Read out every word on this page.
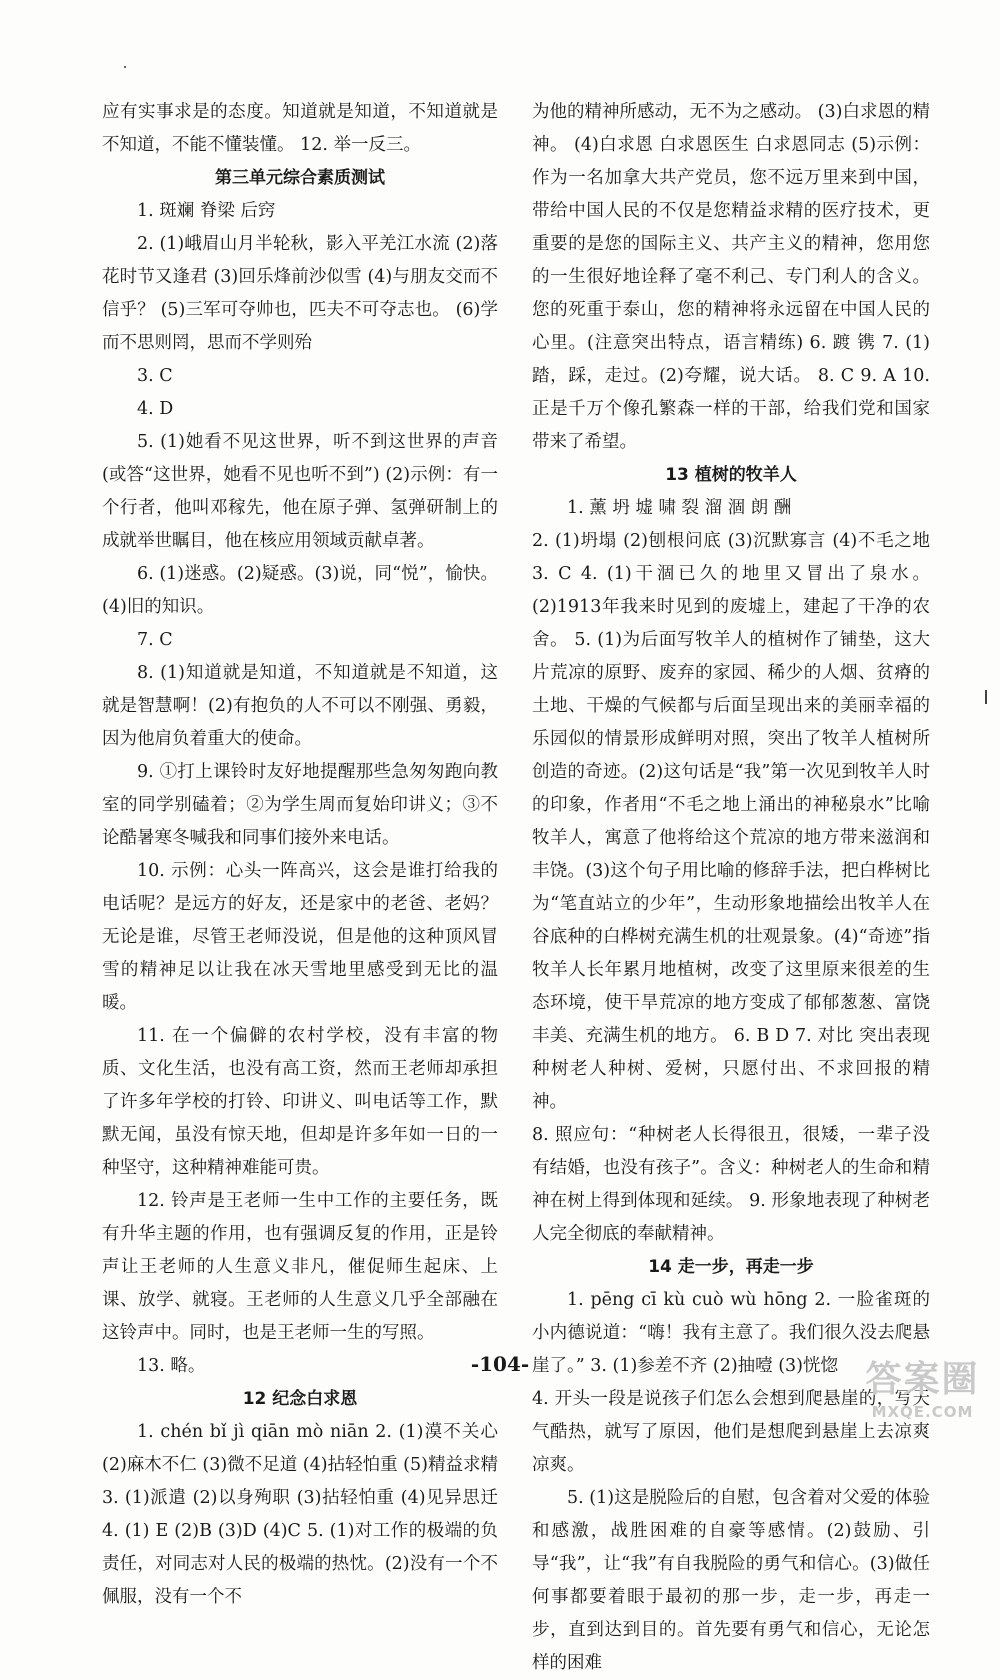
应有实事求是的态度。知道就是知道，不知道就是不知道，不能不懂装懂。 12. 举一反三。

第三单元综合素质测试

1. 斑斓 脊梁 后窍

2. (1)峨眉山月半轮秋，影入平羌江水流 (2)落花时节又逢君 (3)回乐烽前沙似雪 (4)与朋友交而不信乎？ (5)三军可夺帅也，匹夫不可夺志也。 (6)学而不思则罔，思而不学则殆

3. C

4. D

5. (1)她看不见这世界，听不到这世界的声音(或答“这世界，她看不见也听不到”) (2)示例：有一个行者，他叫邓稼先，他在原子弹、氢弹研制上的成就举世瞩目，他在核应用领域贡献卓著。

6. (1)迷惑。(2)疑惑。(3)说，同“悦”，愉快。(4)旧的知识。

7. C

8. (1)知道就是知道，不知道就是不知道，这就是智慧啊！(2)有抱负的人不可以不刚强、勇毅，因为他肩负着重大的使命。

9. ①打上课铃时友好地提醒那些急匆匆跑向教室的同学别磕着；②为学生周而复始印讲义；③不论酷暑寒冬喊我和同事们接外来电话。

10. 示例：心头一阵高兴，这会是谁打给我的电话呢？是远方的好友，还是家中的老爸、老妈？无论是谁，尽管王老师没说，但是他的这种顶风冒雪的精神足以让我在冰天雪地里感受到无比的温暖。

11. 在一个偏僻的农村学校，没有丰富的物质、文化生活，也没有高工资，然而王老师却承担了许多年学校的打铃、印讲义、叫电话等工作，默默无闻，虽没有惊天地，但却是许多年如一日的一种坚守，这种精神难能可贵。

12. 铃声是王老师一生中工作的主要任务，既有升华主题的作用，也有强调反复的作用，正是铃声让王老师的人生意义非凡，催促师生起床、上课、放学、就寝。王老师的人生意义几乎全部融在这铃声中。同时，也是王老师一生的写照。

13. 略。

12 纪念白求恩

1. chén bǐ jì qiān mò niān 2. (1)漠不关心 (2)麻木不仁 (3)微不足道 (4)拈轻怕重 (5)精益求精 3. (1)派遣 (2)以身殉职 (3)拈轻怕重 (4)见异思迁 4. (1) E (2)B (3)D (4)C 5. (1)对工作的极端的负责任，对同志对人民的极端的热忱。(2)没有一个不佩服，没有一个不

为他的精神所感动，无不为之感动。 (3)白求恩的精神。 (4)白求恩 白求恩医生 白求恩同志 (5)示例：作为一名加拿大共产党员，您不远万里来到中国，带给中国人民的不仅是您精益求精的医疗技术，更重要的是您的国际主义、共产主义的精神，您用您的一生很好地诠释了毫不利己、专门利人的含义。您的死重于泰山，您的精神将永远留在中国人民的心里。(注意突出特点，语言精练) 6. 踱 镌 7. (1)踏，踩，走过。(2)夸耀，说大话。 8. C 9. A 10. 正是千万个像孔繁森一样的干部，给我们党和国家带来了希望。

13 植树的牧羊人

1. 薰 坍 墟 啸 裂 溜 涸 朗 酬

2. (1)坍塌 (2)刨根问底 (3)沉默寡言 (4)不毛之地 3. C 4. (1)干涸已久的地里又冒出了泉水。(2)1913年我来时见到的废墟上，建起了干净的农舍。 5. (1)为后面写牧羊人的植树作了铺垫，这大片荒凉的原野、废弃的家园、稀少的人烟、贫瘠的土地、干燥的气候都与后面呈现出来的美丽幸福的乐园似的情景形成鲜明对照，突出了牧羊人植树所创造的奇迹。(2)这句话是“我”第一次见到牧羊人时的印象，作者用“不毛之地上涌出的神秘泉水”比喻牧羊人，寓意了他将给这个荒凉的地方带来滋润和丰饶。(3)这个句子用比喻的修辞手法，把白桦树比为“笔直站立的少年”，生动形象地描绘出牧羊人在谷底种的白桦树充满生机的壮观景象。(4)“奇迹”指牧羊人长年累月地植树，改变了这里原来很差的生态环境，使干旱荒凉的地方变成了郁郁葱葱、富饶丰美、充满生机的地方。 6. B D 7. 对比 突出表现种树老人种树、爱树，只愿付出、不求回报的精神。

8. 照应句：“种树老人长得很丑，很矮，一辈子没有结婚，也没有孩子”。含义：种树老人的生命和精神在树上得到体现和延续。 9. 形象地表现了种树老人完全彻底的奉献精神。

14 走一步，再走一步

1. pēng cī kù cuò wù hōng 2. 一脸雀斑的小内德说道：“嗨！我有主意了。我们很久没去爬悬崖了。” 3. (1)参差不齐 (2)抽噎 (3)恍惚

4. 开头一段是说孩子们怎么会想到爬悬崖的，写天气酷热，就写了原因，他们是想爬到悬崖上去凉爽凉爽。

5. (1)这是脱险后的自慰，包含着对父爱的体验和感激，战胜困难的自豪等感情。(2)鼓励、引导“我”，让“我”有自我脱险的勇气和信心。(3)做任何事都要着眼于最初的那一步，走一步，再走一步，直到达到目的。首先要有勇气和信心，无论怎样的困难

-104-	答案圈
MXQE.COM
